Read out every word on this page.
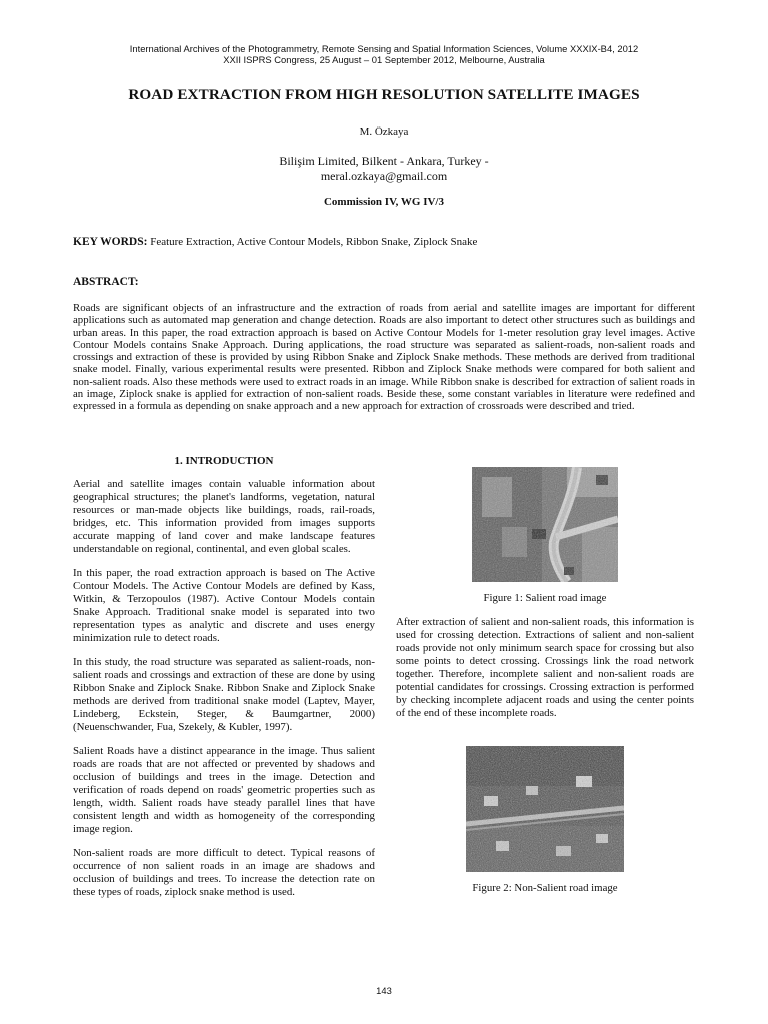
International Archives of the Photogrammetry, Remote Sensing and Spatial Information Sciences, Volume XXXIX-B4, 2012
XXII ISPRS Congress, 25 August – 01 September 2012, Melbourne, Australia
ROAD EXTRACTION FROM HIGH RESOLUTION SATELLITE IMAGES
M. Özkaya
Bilişim Limited, Bilkent - Ankara, Turkey -
meral.ozkaya@gmail.com
Commission IV, WG IV/3
KEY WORDS: Feature Extraction, Active Contour Models, Ribbon Snake, Ziplock Snake
ABSTRACT:
Roads are significant objects of an infrastructure and the extraction of roads from aerial and satellite images are important for different applications such as automated map generation and change detection. Roads are also important to detect other structures such as buildings and urban areas. In this paper, the road extraction approach is based on Active Contour Models for 1-meter resolution gray level images. Active Contour Models contains Snake Approach. During applications, the road structure was separated as salient-roads, non-salient roads and crossings and extraction of these is provided by using Ribbon Snake and Ziplock Snake methods. These methods are derived from traditional snake model. Finally, various experimental results were presented. Ribbon and Ziplock Snake methods were compared for both salient and non-salient roads. Also these methods were used to extract roads in an image. While Ribbon snake is described for extraction of salient roads in an image, Ziplock snake is applied for extraction of non-salient roads. Beside these, some constant variables in literature were redefined and expressed in a formula as depending on snake approach and a new approach for extraction of crossroads were described and tried.
1. INTRODUCTION

Aerial and satellite images contain valuable information about geographical structures; the planet's landforms, vegetation, natural resources or man-made objects like buildings, roads, rail-roads, bridges, etc. This information provided from images supports accurate mapping of land cover and make landscape features understandable on regional, continental, and even global scales.

In this paper, the road extraction approach is based on The Active Contour Models. The Active Contour Models are defined by Kass, Witkin, & Terzopoulos (1987). Active Contour Models contain Snake Approach. Traditional snake model is separated into two representation types as analytic and discrete and uses energy minimization rule to detect roads.

In this study, the road structure was separated as salient-roads, non-salient roads and crossings and extraction of these are done by using Ribbon Snake and Ziplock Snake. Ribbon Snake and Ziplock Snake methods are derived from traditional snake model (Laptev, Mayer, Lindeberg, Eckstein, Steger, & Baumgartner, 2000) (Neuenschwander, Fua, Szekely, & Kubler, 1997).

Salient Roads have a distinct appearance in the image. Thus salient roads are roads that are not affected or prevented by shadows and occlusion of buildings and trees in the image. Detection and verification of roads depend on roads' geometric properties such as length, width. Salient roads have steady parallel lines that have consistent length and width as homogeneity of the corresponding image region.

Non-salient roads are more difficult to detect. Typical reasons of occurrence of non salient roads in an image are shadows and occlusion of buildings and trees. To increase the detection rate on these types of roads, ziplock snake method is used.

Figure 1: Salient road image

After extraction of salient and non-salient roads, this information is used for crossing detection. Extractions of salient and non-salient roads provide not only minimum search space for crossing but also some points to detect crossing. Crossings link the road network together. Therefore, incomplete salient and non-salient roads are potential candidates for crossings. Crossing extraction is performed by checking incomplete adjacent roads and using the center points of the end of these incomplete roads.

Figure 2: Non-Salient road image
143
